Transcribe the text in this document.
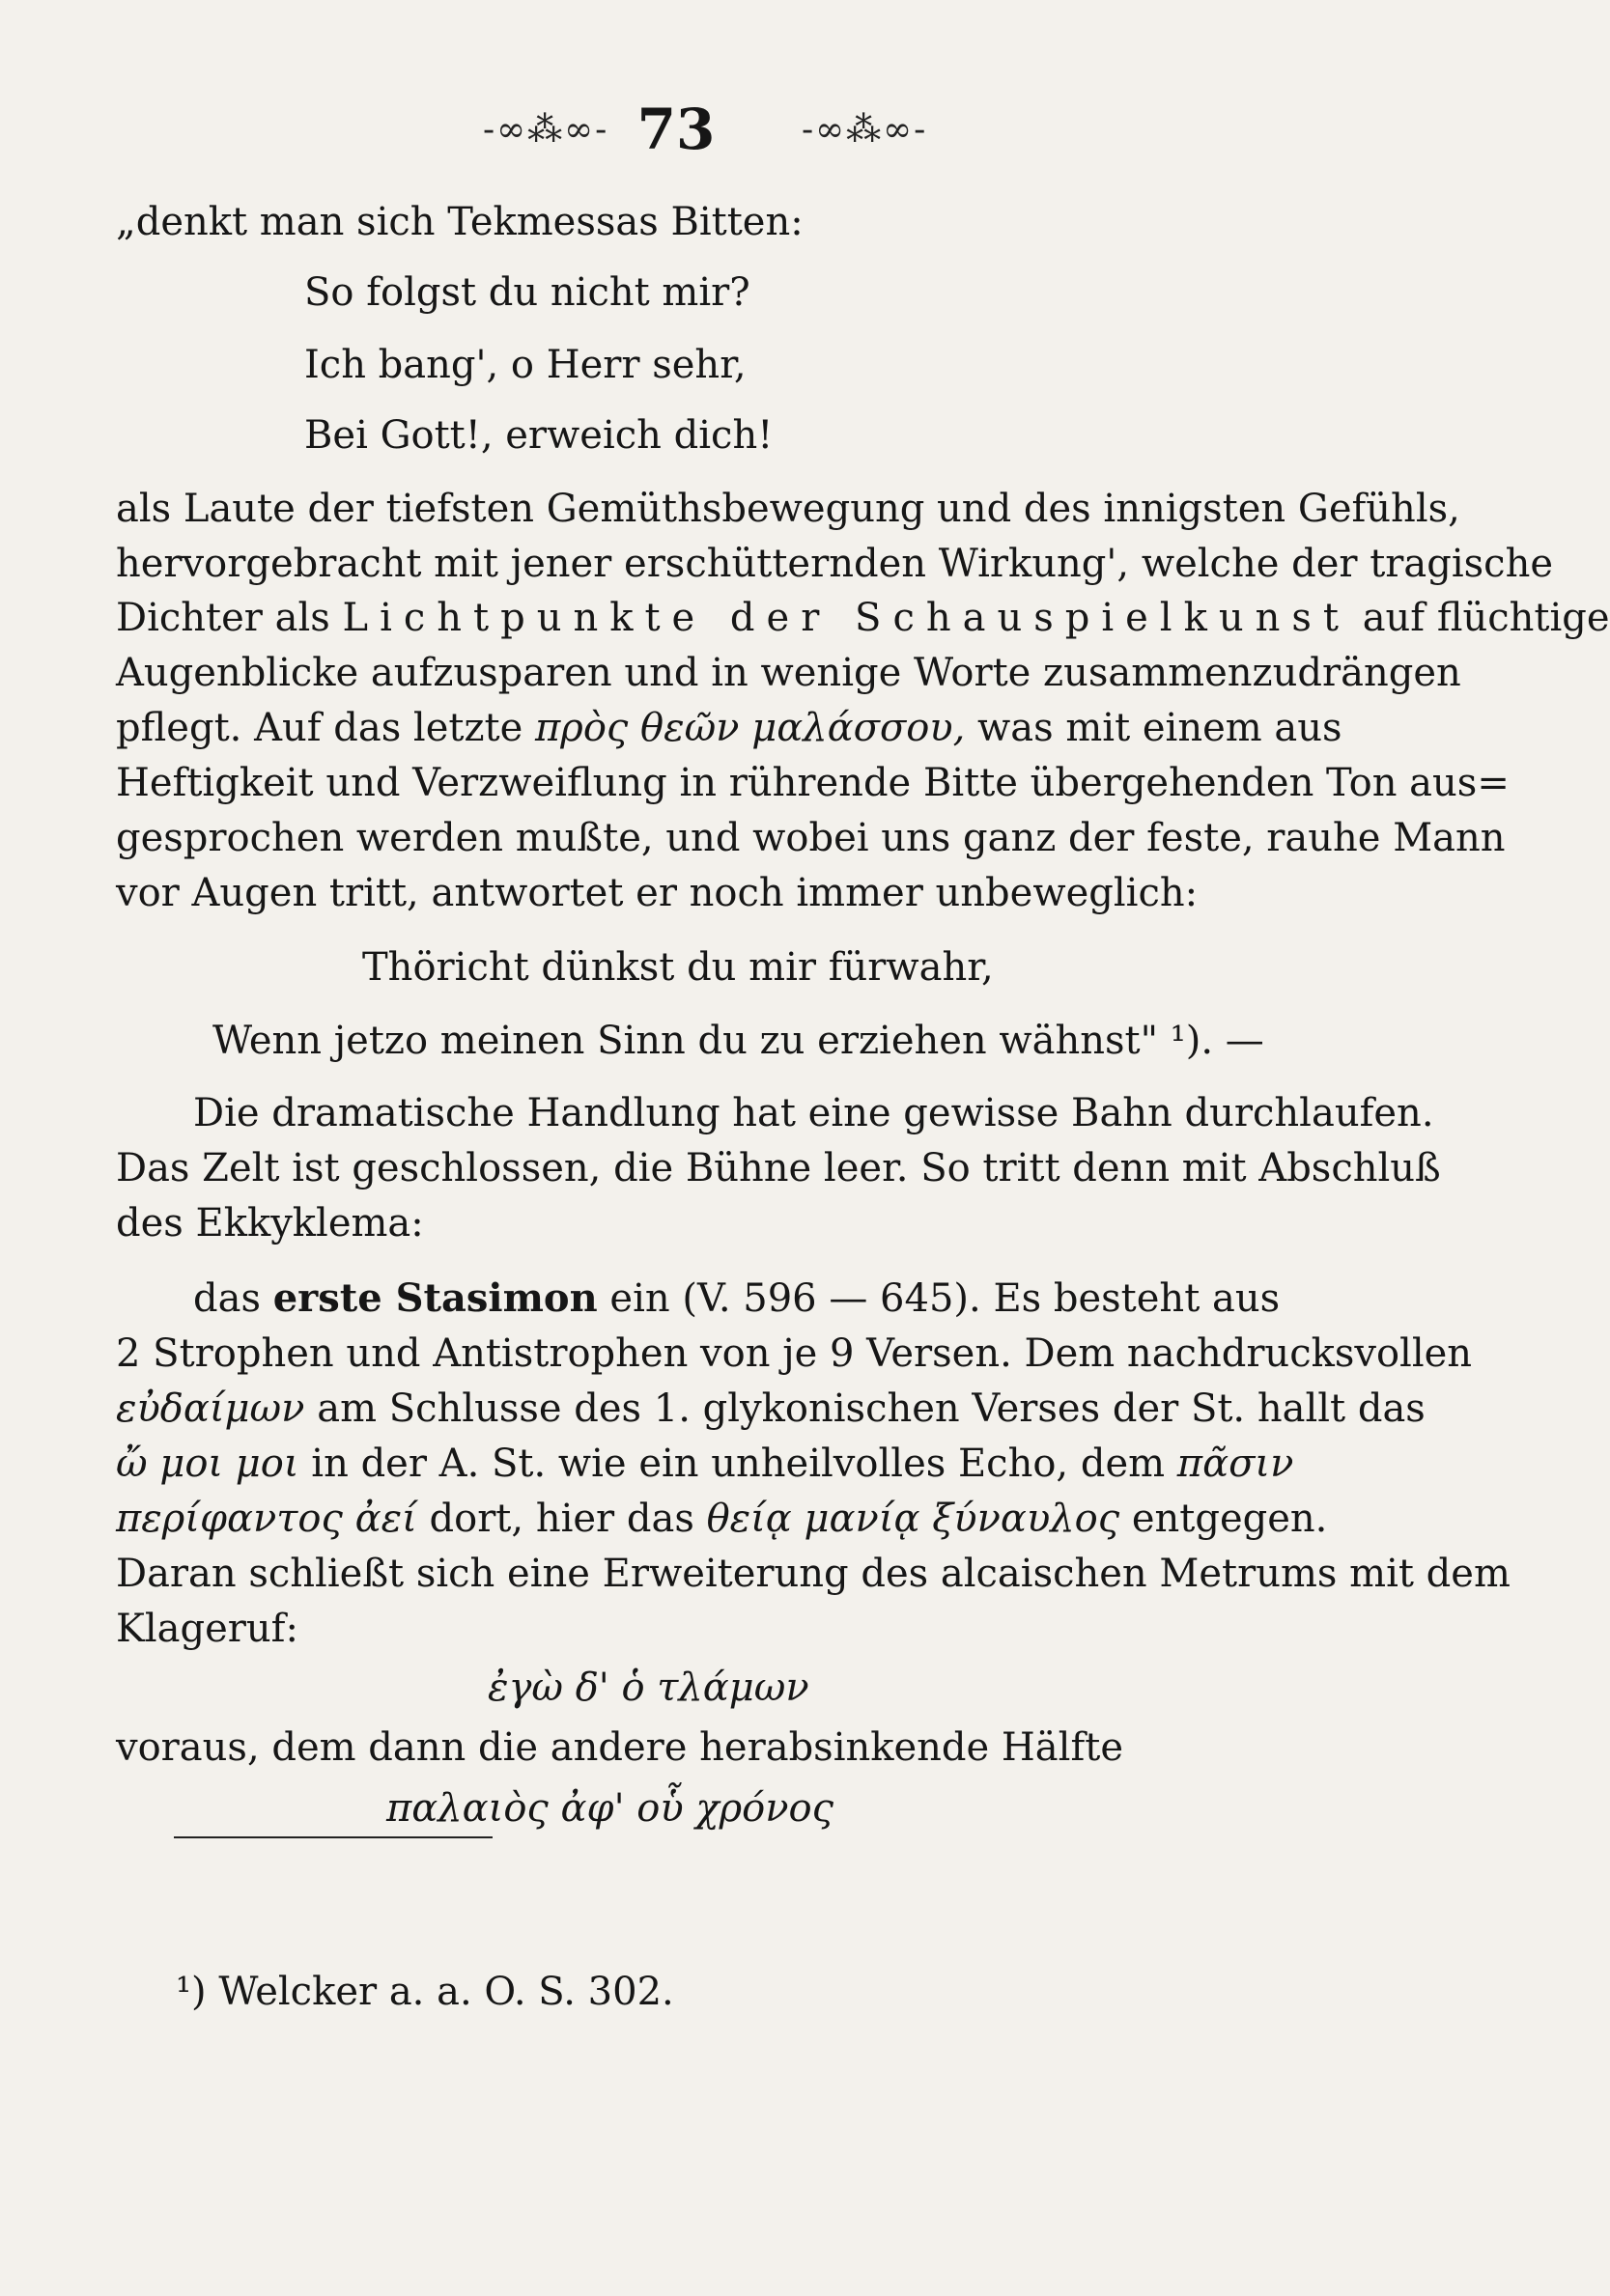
-∞⁂∞- 73	-∞⁂∞-
„denkt man sich Tekmessas Bitten:
So folgst du nicht mir?
Ich bang', o Herr sehr,
Bei Gott!, erweich dich!
als Laute der tiefsten Gemüthsbewegung und des innigsten Gefühls,
hervorgebracht mit jener erschütternden Wirkung', welche der tragische
Dichter als Lichtpunkte der Schauspielkunst auf flüchtige
Augenblicke aufzusparen und in wenige Worte zusammenzudrängen
pflegt. Auf das letzte πρὸς θεῶν μαλάσσου, was mit einem aus
Heftigkeit und Verzweiflung in rührende Bitte übergehenden Ton aus=
gesprochen werden mußte, und wobei uns ganz der feste, rauhe Mann
vor Augen tritt, antwortet er noch immer unbeweglich:
Thöricht dünkst du mir fürwahr,
Wenn jetzo meinen Sinn du zu erziehen wähnst" ¹). —
Die dramatische Handlung hat eine gewisse Bahn durchlaufen.
Das Zelt ist geschlossen, die Bühne leer. So tritt denn mit Abschluß
des Ekkyklema:
das erste Stasimon ein (V. 596 — 645). Es besteht aus
2 Strophen und Antistrophen von je 9 Versen. Dem nachdrucksvollen
εὐδαίμων am Schlusse des 1. glykonischen Verses der St. hallt das
ὤ μοι μοι in der A. St. wie ein unheilvolles Echo, dem πᾶσιν
περίφαντος ἀεί dort, hier das θείᾳ μανίᾳ ξύναυλος entgegen.
Daran schließt sich eine Erweiterung des alcaischen Metrums mit dem
Klageruf:
ἐγὼ δ' ὁ τλάμων
voraus, dem dann die andere herabsinkende Hälfte
παλαιὸς ἀφ' οὗ χρόνος
¹) Welcker a. a. O. S. 302.
